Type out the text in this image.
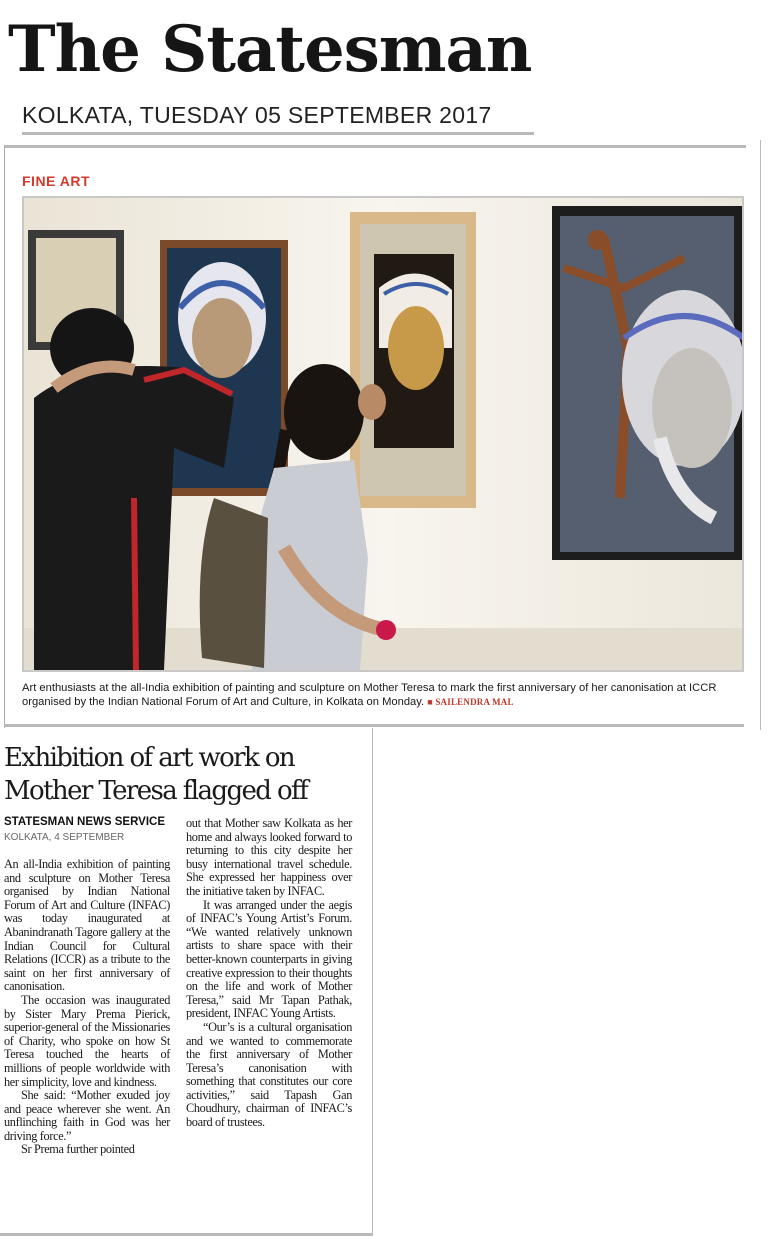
The Statesman
KOLKATA, TUESDAY 05 SEPTEMBER 2017
FINE ART
Art enthusiasts at the all-India exhibition of painting and sculpture on Mother Teresa to mark the first anniversary of her canonisation at ICCR organised by the Indian National Forum of Art and Culture, in Kolkata on Monday. ■ SAILENDRA MAL
Exhibition of art work on
Mother Teresa flagged off
STATESMAN NEWS SERVICE
KOLKATA, 4 SEPTEMBER

An all-India exhibition of painting and sculpture on Mother Teresa organised by Indian National Forum of Art and Culture (INFAC) was today inaugurated at Abanindranath Tagore gallery at the Indian Council for Cultural Relations (ICCR) as a tribute to the saint on her first anniversary of canonisation.

The occasion was inaugurated by Sister Mary Prema Pierick, superior-general of the Missionaries of Charity, who spoke on how St Teresa touched the hearts of millions of people worldwide with her simplicity, love and kindness.

She said: “Mother exuded joy and peace wherever she went. An unflinching faith in God was her driving force.”

Sr Prema further pointed

out that Mother saw Kolkata as her home and always looked forward to returning to this city despite her busy international travel schedule. She expressed her happiness over the initiative taken by INFAC.

It was arranged under the aegis of INFAC’s Young Artist’s Forum. “We wanted relatively unknown artists to share space with their better-known counterparts in giving creative expression to their thoughts on the life and work of Mother Teresa,” said Mr Tapan Pathak, president, INFAC Young Artists.

“Our’s is a cultural organisation and we wanted to commemorate the first anniversary of Mother Teresa’s canonisation with something that constitutes our core activities,” said Tapash Gan Choudhury, chairman of INFAC’s board of trustees.
